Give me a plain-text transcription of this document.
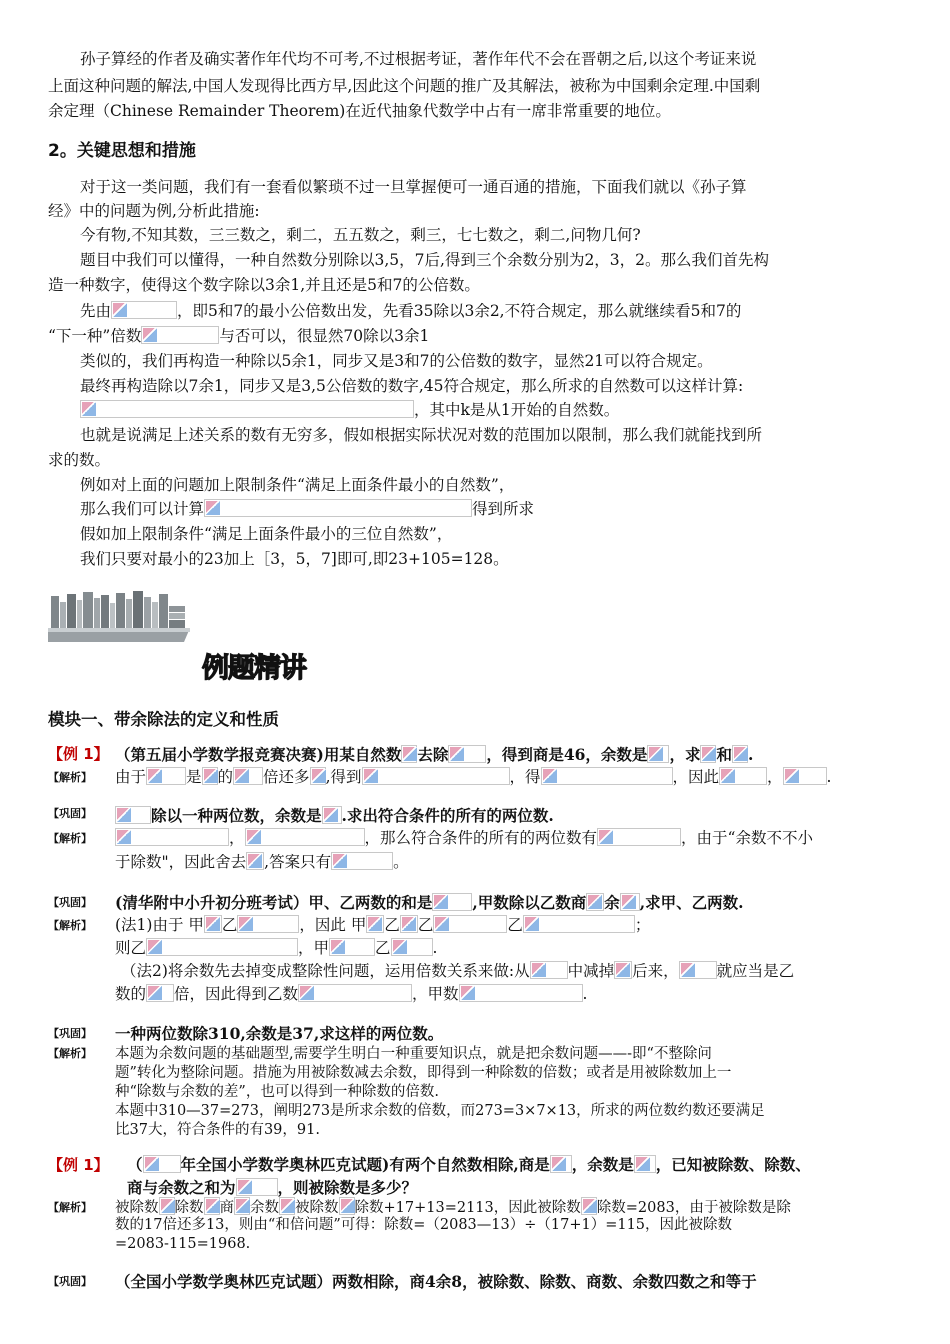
孙子算经的作者及确实著作年代均不可考,不过根据考证，著作年代不会在晋朝之后,以这个考证来说
上面这种问题的解法,中国人发现得比西方早,因此这个问题的推广及其解法，被称为中国剩余定理.中国剩
余定理（Chinese Remainder Theorem)在近代抽象代数学中占有一席非常重要的地位。
2。关键思想和措施
对于这一类问题，我们有一套看似繁琐不过一旦掌握便可一通百通的措施，下面我们就以《孙子算
经》中的问题为例,分析此措施:
今有物,不知其数，三三数之，剩二，五五数之，剩三，七七数之，剩二,问物几何?
题目中我们可以懂得，一种自然数分别除以3,5，7后,得到三个余数分别为2，3，2。那么我们首先构
造一种数字，使得这个数字除以3余1,并且还是5和7的公倍数。
先由	，即5和7的最小公倍数出发，先看35除以3余2,不符合规定，那么就继续看5和7的
“下一种”倍数	与否可以，很显然70除以3余1
类似的，我们再构造一种除以5余1，同步又是3和7的公倍数的数字，显然21可以符合规定。
最终再构造除以7余1，同步又是3,5公倍数的数字,45符合规定，那么所求的自然数可以这样计算:
，其中k是从1开始的自然数。
也就是说满足上述关系的数有无穷多，假如根据实际状况对数的范围加以限制，那么我们就能找到所
求的数。
例如对上面的问题加上限制条件“满足上面条件最小的自然数”，
那么我们可以计算	得到所求
假如加上限制条件“满足上面条件最小的三位自然数”，
我们只要对最小的23加上［3，5，7]即可,即23+105=128。
例题精讲
模块一、带余除法的定义和性质
【例 1】 （第五届小学数学报竞赛决赛)用某自然数 去除 ，得到商是46，余数是 ，求 和 .
【解析】 由于	是 的 倍还多 ,得到	，得	，因此	，	.
【巩固】	除以一种两位数，余数是 .求出符合条件的所有的两位数.
【解析】	，	，那么符合条件的所有的两位数有	，由于“余数不不小
于除数"，因此舍去 ,答案只有	。
【巩固】 (清华附中小升初分班考试）甲、乙两数的和是	,甲数除以乙数商 余 ,求甲、乙两数.
【解析】 (法1)由于 甲 乙	，因此 甲 乙 乙	乙	；
则乙	，甲	乙	.
（法2)将余数先去掉变成整除性问题，运用倍数关系来做:从 中减掉 后来， 就应当是乙
数的 倍，因此得到乙数	，甲数	.
【巩固】 一种两位数除310,余数是37,求这样的两位数。
【解析】 本题为余数问题的基础题型,需要学生明白一种重要知识点，就是把余数问题——-即“不整除问
题”转化为整除问题。措施为用被除数减去余数，即得到一种除数的倍数；或者是用被除数加上一
种“除数与余数的差”，也可以得到一种除数的倍数.
本题中310—37=273，阐明273是所求余数的倍数，而273=3×7×13，所求的两位数约数还要满足
比37大，符合条件的有39，91.
【例 1】 （ 年全国小学数学奥林匹克试题)有两个自然数相除,商是 ，余数是 ，已知被除数、除数、
商与余数之和为	，则被除数是多少？
【解析】 被除数 除数 商 余数 被除数 除数+17+13=2113，因此被除数 除数=2083，由于被除数是除
数的17倍还多13，则由“和倍问题”可得：除数=（2083—13）÷（17+1）=115，因此被除数
=2083-115=1968.
【巩固】 （全国小学数学奥林匹克试题）两数相除，商4余8，被除数、除数、商数、余数四数之和等于
